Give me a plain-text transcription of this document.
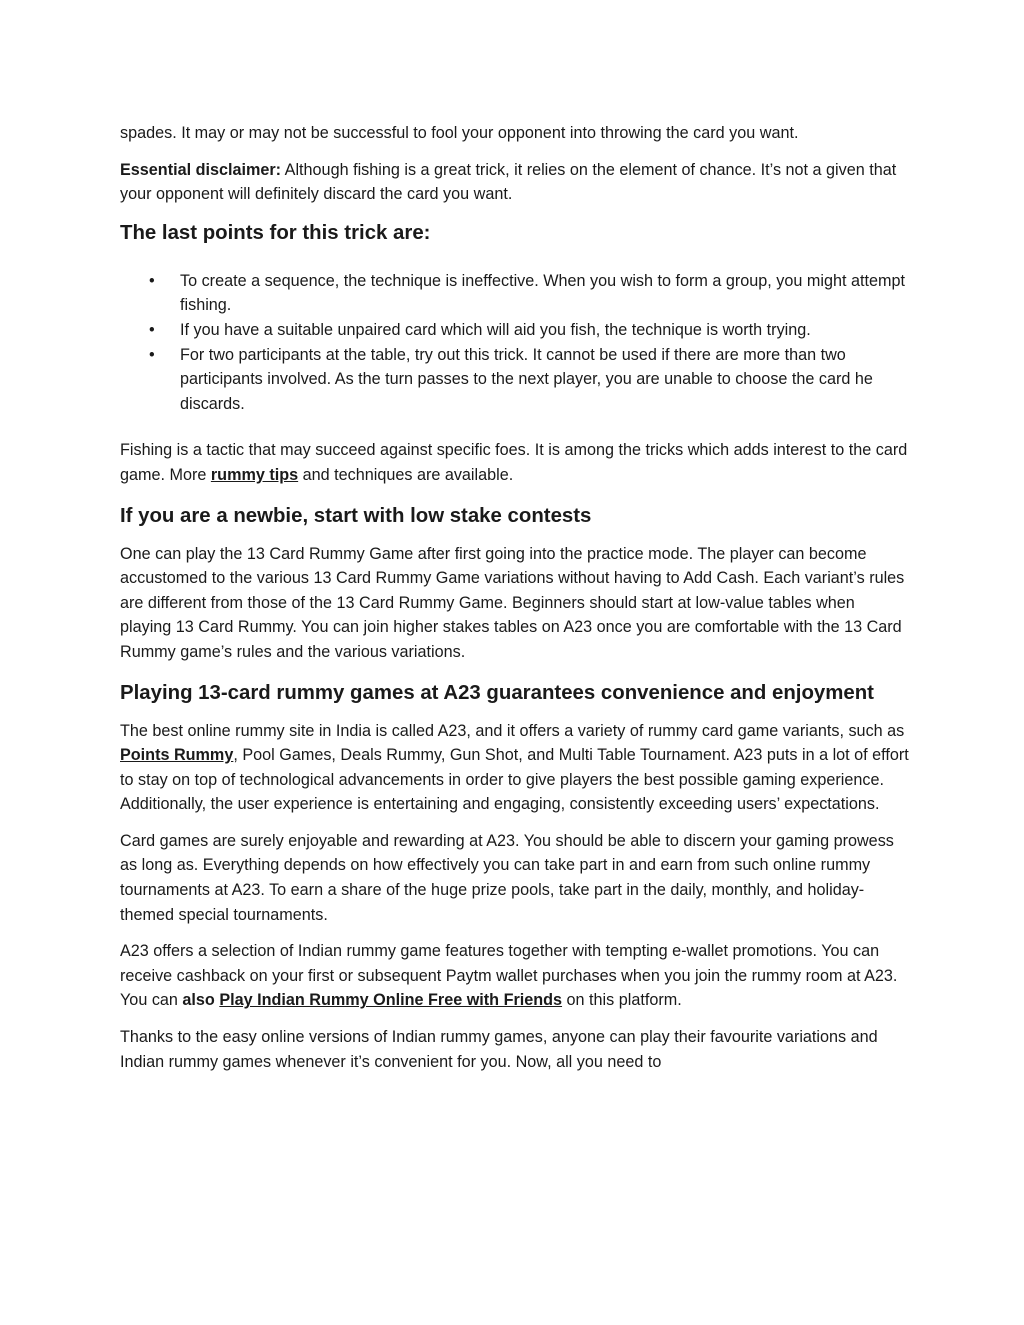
spades. It may or may not be successful to fool your opponent into throwing the card you want.

Essential disclaimer: Although fishing is a great trick, it relies on the element of chance. It’s not a given that your opponent will definitely discard the card you want.

The last points for this trick are:
• To create a sequence, the technique is ineffective. When you wish to form a group, you might attempt fishing.
• If you have a suitable unpaired card which will aid you fish, the technique is worth trying.
• For two participants at the table, try out this trick. It cannot be used if there are more than two participants involved. As the turn passes to the next player, you are unable to choose the card he discards.

Fishing is a tactic that may succeed against specific foes. It is among the tricks which adds interest to the card game. More rummy tips and techniques are available.

If you are a newbie, start with low stake contests

One can play the 13 Card Rummy Game after first going into the practice mode. The player can become accustomed to the various 13 Card Rummy Game variations without having to Add Cash. Each variant’s rules are different from those of the 13 Card Rummy Game. Beginners should start at low-value tables when playing 13 Card Rummy. You can join higher stakes tables on A23 once you are comfortable with the 13 Card Rummy game’s rules and the various variations.

Playing 13-card rummy games at A23 guarantees convenience and enjoyment

The best online rummy site in India is called A23, and it offers a variety of rummy card game variants, such as Points Rummy, Pool Games, Deals Rummy, Gun Shot, and Multi Table Tournament. A23 puts in a lot of effort to stay on top of technological advancements in order to give players the best possible gaming experience. Additionally, the user experience is entertaining and engaging, consistently exceeding users’ expectations.

Card games are surely enjoyable and rewarding at A23. You should be able to discern your gaming prowess as long as. Everything depends on how effectively you can take part in and earn from such online rummy tournaments at A23. To earn a share of the huge prize pools, take part in the daily, monthly, and holiday-themed special tournaments.

A23 offers a selection of Indian rummy game features together with tempting e-wallet promotions. You can receive cashback on your first or subsequent Paytm wallet purchases when you join the rummy room at A23. You can also Play Indian Rummy Online Free with Friends on this platform.

Thanks to the easy online versions of Indian rummy games, anyone can play their favourite variations and Indian rummy games whenever it’s convenient for you. Now, all you need to
